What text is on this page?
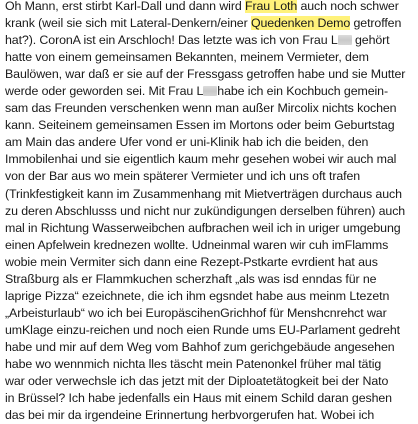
Oh Mann, erst stirbt Karl-Dall und dann wird Frau Loth auch noch schwer
krank (weil sie sich mit Lateral-Denkern/einer Quedenken Demo getroffen
hat?). CoronA ist ein Arschloch! Das letzte was ich von Frau L gehört
hatte von einem gemeinsamen Bekannten, meinem Vermieter, dem
Baulöwen, war daß er sie auf der Fressgass getroffen habe und sie Mutter
werde oder geworden sei. Mit Frau L habe ich ein Kochbuch gemein-
sam das Freunden verschenken wenn man außer Mircolix nichts kochen
kann. Seiteinem gemeinsamen Essen im Mortons oder beim Geburtstag
am Main das andere Ufer vond er uni-Klinik hab ich die beiden, den
Immobilenhai und sie eigentlich kaum mehr gesehen wobei wir auch mal
von der Bar aus wo mein späterer Vermieter und ich uns oft trafen
(Trinkfestigkeit kann im Zusammenhang mit Mietverträgen durchaus auch
zu deren Abschlusss und nicht nur zukündigungen derselben führen) auch
mal in Richtung Wasserweibchen aufbrachen weil ich in uriger umgebung
einen Apfelwein krednezen wollte. Udneinmal waren wir cuh imFlamms
wobie mein Vermiter sich dann eine Rezept-Pstkarte evrdient hat aus
Straßburg als er Flammkuchen scherzhaft „als was isd enndas für ne
laprige Pizza“ ezeichnete, die ich ihm egsndet habe aus meinm Ltezetn
„Arbeisturlaub“ wo ich bei EuropäscihenGrichhof für Menshcnrehct war
umKlage einzu-reichen und noch eien Runde ums EU-Parlament gedreht
habe und mir auf dem Weg vom Bahhof zum gerichgebäude angesehen
habe wo wennmich nichta lles täscht mein Patenonkel früher mal tätig
war oder verwechsle ich das jetzt mit der Diploatetätogkeit bei der Nato
in Brüssel? Ich habe jedenfalls ein Haus mit einem Schild daran geshen
das bei mir da irgendeine Erinnertung herbvorgerufen hat. Wobei ich
